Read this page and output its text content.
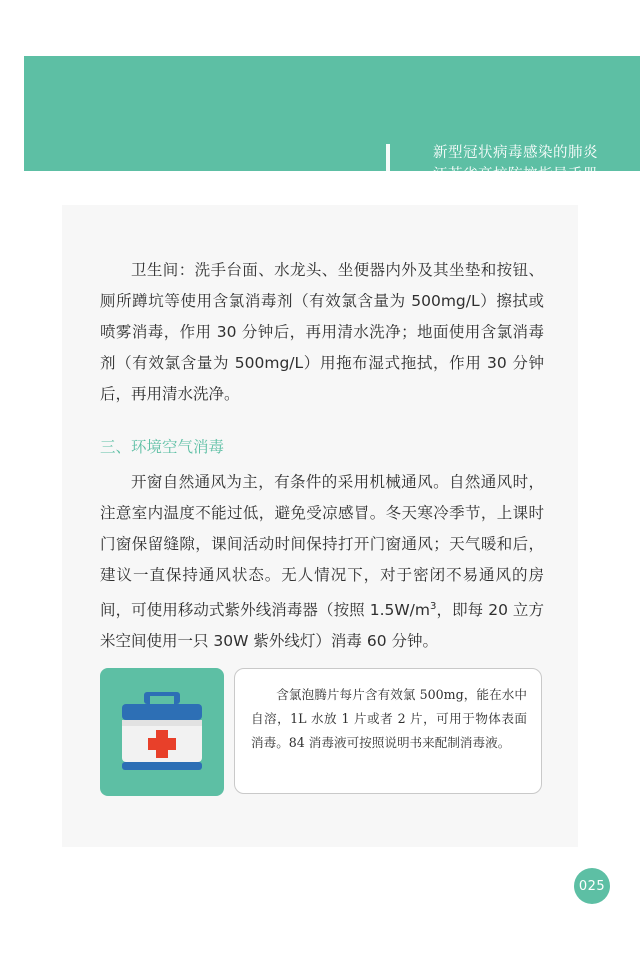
新型冠状病毒感染的肺炎
江苏省高校防控指导手册

卫生间：洗手台面、水龙头、坐便器内外及其坐垫和按钮、厕所蹲坑等使用含氯消毒剂（有效氯含量为 500mg/L）擦拭或喷雾消毒，作用 30 分钟后，再用清水洗净；地面使用含氯消毒剂（有效氯含量为 500mg/L）用拖布湿式拖拭，作用 30 分钟后，再用清水洗净。

三、环境空气消毒

开窗自然通风为主，有条件的采用机械通风。自然通风时，注意室内温度不能过低，避免受凉感冒。冬天寒冷季节，上课时门窗保留缝隙，课间活动时间保持打开门窗通风；天气暖和后，建议一直保持通风状态。无人情况下，对于密闭不易通风的房间，可使用移动式紫外线消毒器（按照 $1.5W/m^3$，即每 20 立方米空间使用一只 30W 紫外线灯）消毒 60 分钟。

含氯泡腾片每片含有效氯 500mg，能在水中自溶，1L 水放 1 片或者 2 片，可用于物体表面消毒。84 消毒液可按照说明书来配制消毒液。
025
